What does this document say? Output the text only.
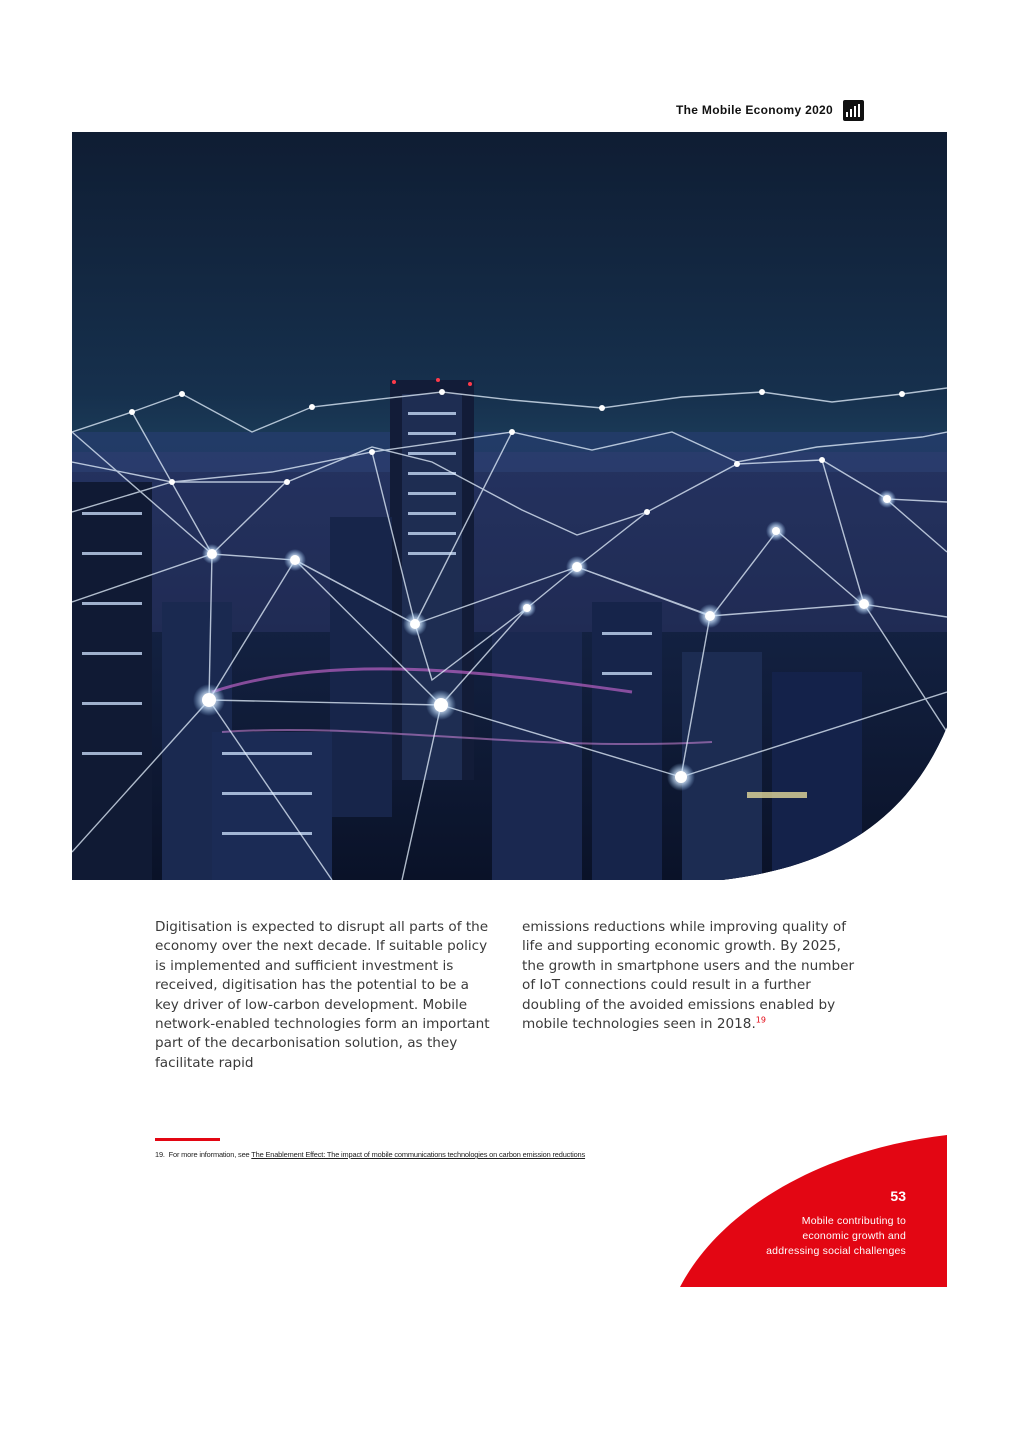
The Mobile Economy 2020
Digitisation is expected to disrupt all parts of the economy over the next decade. If suitable policy is implemented and sufficient investment is received, digitisation has the potential to be a key driver of low-carbon development. Mobile network-enabled technologies form an important part of the decarbonisation solution, as they facilitate rapid
emissions reductions while improving quality of life and supporting economic growth. By 2025, the growth in smartphone users and the number of IoT connections could result in a further doubling of the avoided emissions enabled by mobile technologies seen in 2018.19
19. For more information, see The Enablement Effect: The impact of mobile communications technologies on carbon emission reductions
53
Mobile contributing to
economic growth and
addressing social challenges
